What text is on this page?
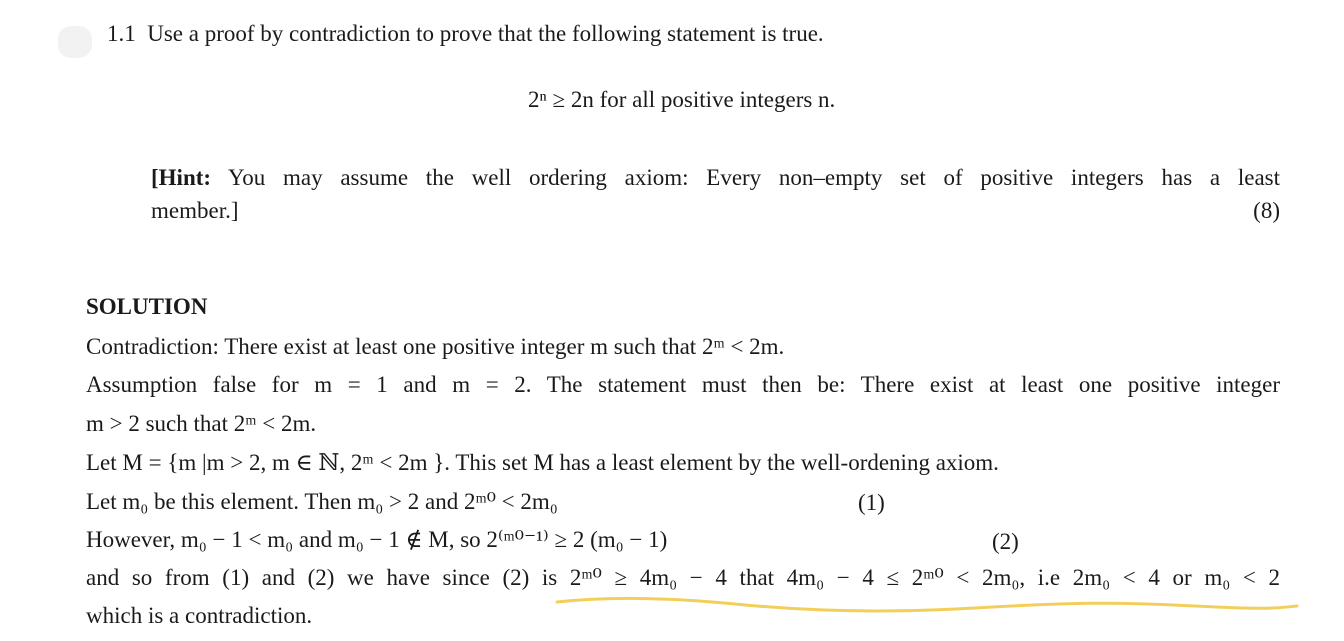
1.1 Use a proof by contradiction to prove that the following statement is true.
2ⁿ ≥ 2n for all positive integers n.
[Hint: You may assume the well ordering axiom: Every non–empty set of positive integers has a least
member.]	(8)
SOLUTION
Contradiction: There exist at least one positive integer m such that 2ᵐ < 2m.
Assumption false for m = 1 and m = 2. The statement must then be: There exist at least one positive integer
m > 2 such that 2ᵐ < 2m.
Let M = {m |m > 2, m ∈ ℕ, 2ᵐ < 2m }. This set M has a least element by the well-ordening axiom.
Let m₀ be this element. Then m₀ > 2 and 2ᵐ⁰ < 2m₀	(1)
However, m₀ − 1 < m₀ and m₀ − 1 ∉ M, so 2⁽ᵐ⁰⁻¹⁾ ≥ 2 (m₀ − 1)	(2)
and so from (1) and (2) we have since (2) is 2ᵐ⁰ ≥ 4m₀ − 4 that 4m₀ − 4 ≤ 2ᵐ⁰ < 2m₀, i.e 2m₀ < 4 or m₀ < 2
which is a contradiction.
